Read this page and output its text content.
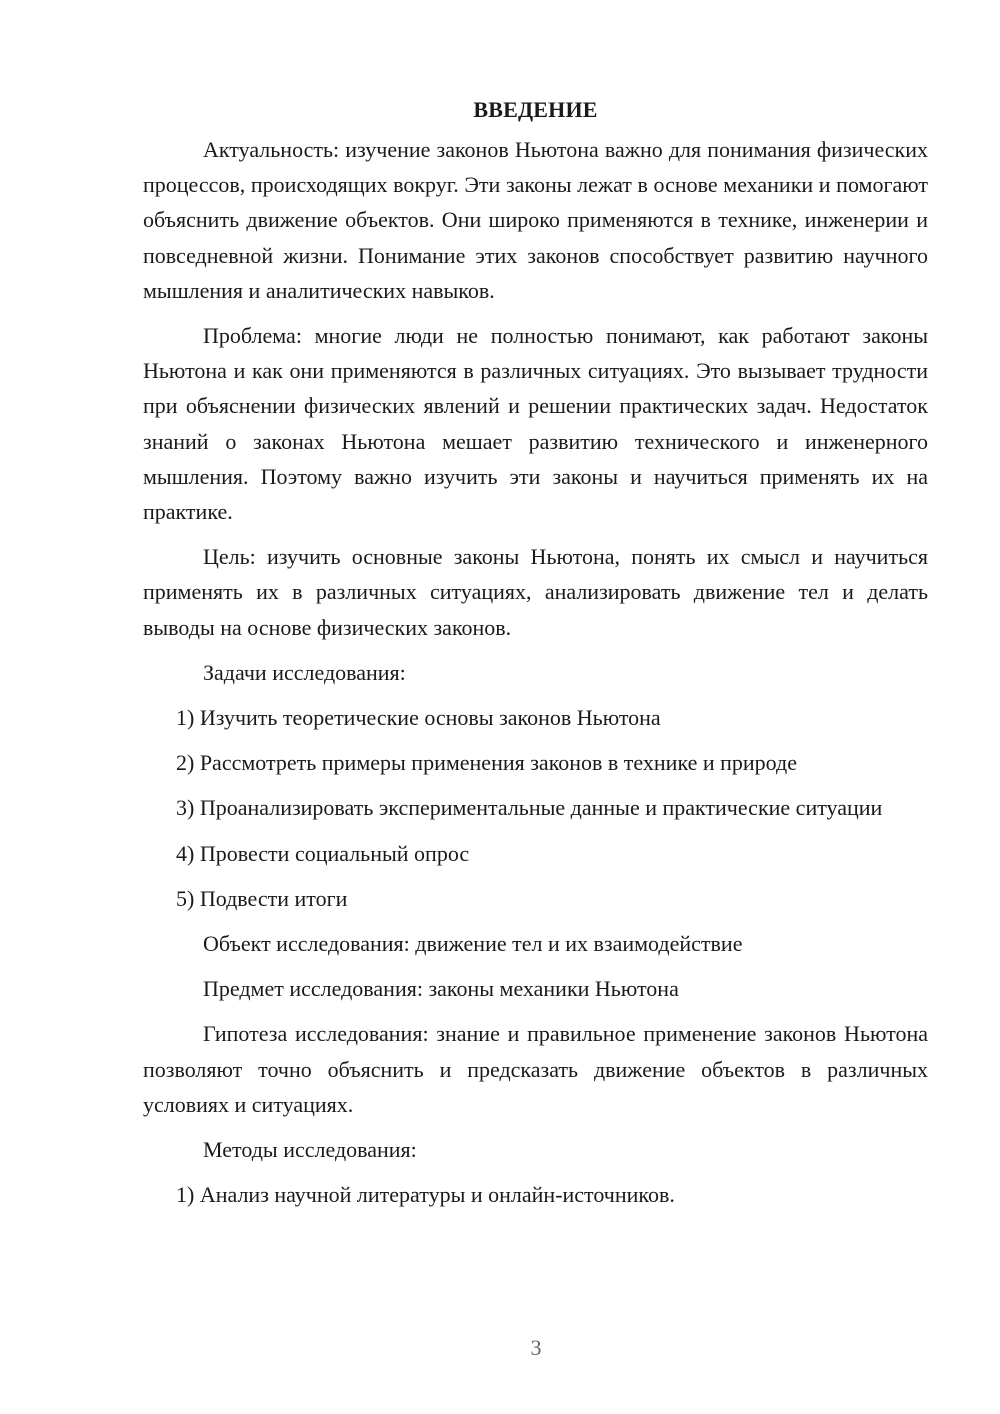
ВВЕДЕНИЕ

Актуальность: изучение законов Ньютона важно для понимания физических процессов, происходящих вокруг. Эти законы лежат в основе механики и помогают объяснить движение объектов. Они широко применяются в технике, инженерии и повседневной жизни. Понимание этих законов способствует развитию научного мышления и аналитических навыков.

Проблема: многие люди не полностью понимают, как работают законы Ньютона и как они применяются в различных ситуациях. Это вызывает трудности при объяснении физических явлений и решении практических задач. Недостаток знаний о законах Ньютона мешает развитию технического и инженерного мышления. Поэтому важно изучить эти законы и научиться применять их на практике.

Цель: изучить основные законы Ньютона, понять их смысл и научиться применять их в различных ситуациях, анализировать движение тел и делать выводы на основе физических законов.

Задачи исследования:

1) Изучить теоретические основы законов Ньютона

2) Рассмотреть примеры применения законов в технике и природе

3) Проанализировать экспериментальные данные и практические ситуации

4) Провести социальный опрос

5) Подвести итоги

Объект исследования: движение тел и их взаимодействие

Предмет исследования: законы механики Ньютона

Гипотеза исследования: знание и правильное применение законов Ньютона позволяют точно объяснить и предсказать движение объектов в различных условиях и ситуациях.

Методы исследования:

1) Анализ научной литературы и онлайн-источников.

3
